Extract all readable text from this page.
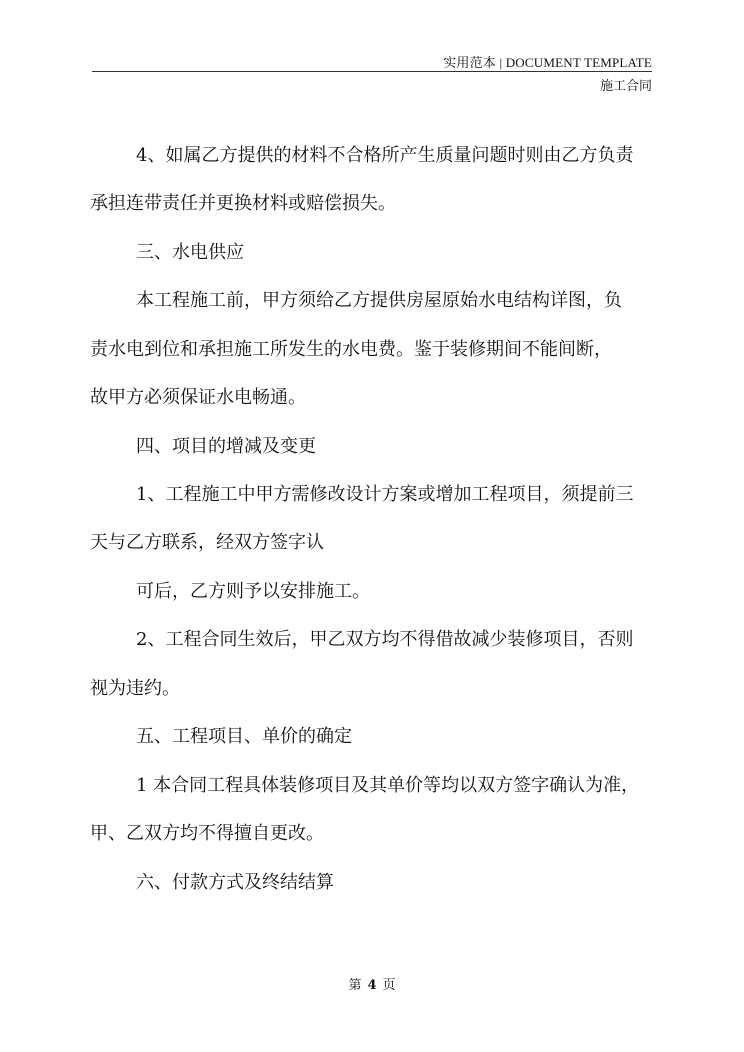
实用范本 | DOCUMENT TEMPLATE
施工合同
4、如属乙方提供的材料不合格所产生质量问题时则由乙方负责
承担连带责任并更换材料或赔偿损失。
三、水电供应
本工程施工前，甲方须给乙方提供房屋原始水电结构详图，负
责水电到位和承担施工所发生的水电费。鉴于装修期间不能间断，
故甲方必须保证水电畅通。
四、项目的增减及变更
1、工程施工中甲方需修改设计方案或增加工程项目，须提前三
天与乙方联系，经双方签字认
可后，乙方则予以安排施工。
2、工程合同生效后，甲乙双方均不得借故减少装修项目，否则
视为违约。
五、工程项目、单价的确定
1 本合同工程具体装修项目及其单价等均以双方签字确认为准，
甲、乙双方均不得擅自更改。
六、付款方式及终结结算
第 4 页
